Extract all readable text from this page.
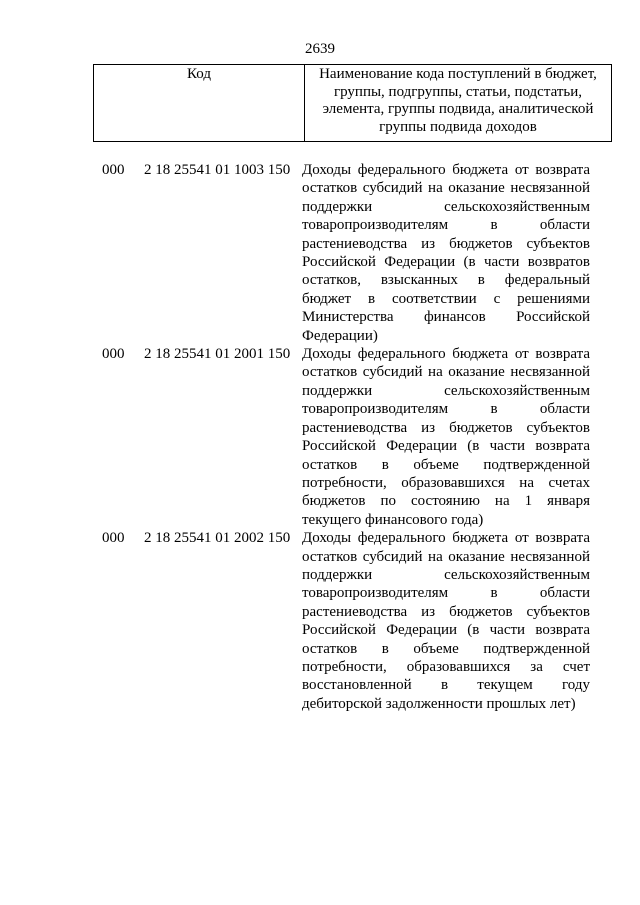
2639
Код	Наименование кода поступлений в бюджет, группы, подгруппы, статьи, подстатьи, элемента, группы подвида, аналитической группы подвида доходов
000	2 18 25541 01 1003 150 Доходы федерального бюджета от возврата остатков субсидий на оказание несвязанной поддержки сельскохозяйственным товаропроизводителям в области растениеводства из бюджетов субъектов Российской Федерации (в части возвратов остатков, взысканных в федеральный бюджет в соответствии с решениями Министерства финансов Российской Федерации)
000	2 18 25541 01 2001 150 Доходы федерального бюджета от возврата остатков субсидий на оказание несвязанной поддержки сельскохозяйственным товаропроизводителям в области растениеводства из бюджетов субъектов Российской Федерации (в части возврата остатков в объеме подтвержденной потребности, образовавшихся на счетах бюджетов по состоянию на 1 января текущего финансового года)
000	2 18 25541 01 2002 150 Доходы федерального бюджета от возврата остатков субсидий на оказание несвязанной поддержки сельскохозяйственным товаропроизводителям в области растениеводства из бюджетов субъектов Российской Федерации (в части возврата остатков в объеме подтвержденной потребности, образовавшихся за счет восстановленной в текущем году дебиторской задолженности прошлых лет)
